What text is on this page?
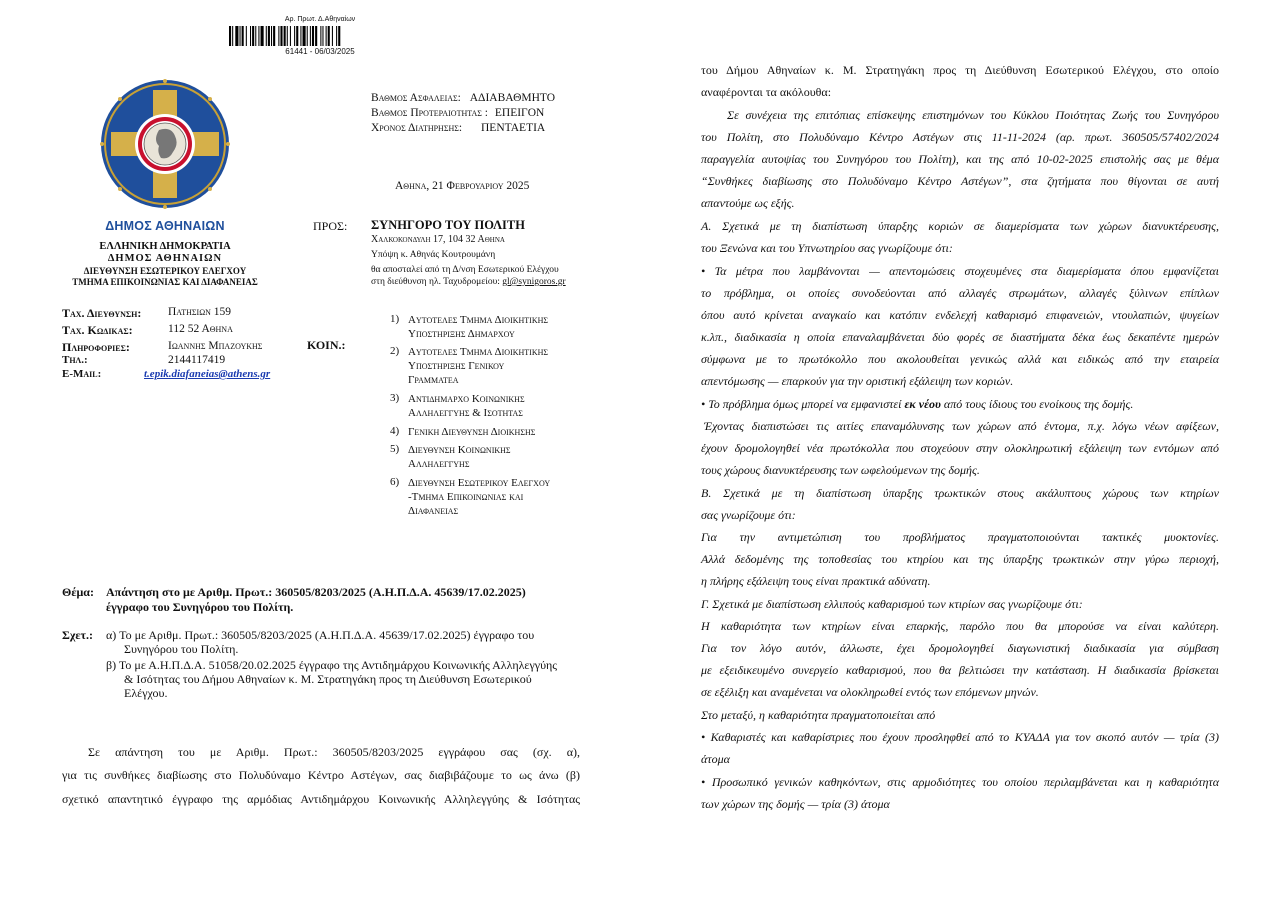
Αρ. Πρωτ. Δ.Αθηναίων
61441 - 06/03/2025
ΔΗΜΟΣ ΑΘΗΝΑΙΩΝ
ΕΛΛΗΝΙΚΗ ΔΗΜΟΚΡΑΤΙΑ
ΔΗΜΟΣ ΑΘΗΝΑΙΩΝ
ΔΙΕΥΘΥΝΣΗ ΕΣΩΤΕΡΙΚΟΥ ΕΛΕΓΧΟΥ
ΤΜΗΜΑ ΕΠΙΚΟΙΝΩΝΙΑΣ ΚΑΙ ΔΙΑΦΑΝΕΙΑΣ
Βαθμος Ασφαλειας: ΑΔΙΑΒΑΘΜΗΤΟ
Βαθμος Προτεραιοτητας : ΕΠΕΙΓΟΝ
Χρονος Διατηρησης: ΠΕΝΤΑΕΤΙΑ
Αθηνα, 21 Φεβρουαριου 2025
ΠΡΟΣ: ΣΥΝΗΓΟΡΟ ΤΟΥ ΠΟΛΙΤΗ
Χαλκοκονδυλη 17, 104 32 Αθηνα
Υπόψη κ. Αθηνάς Κουτρουμάνη
θα αποσταλεί από τη Δ/νση Εσωτερικού Ελέγχου
στη διεύθυνση ηλ. Ταχυδρομείου: gl@synigoros.gr
Ταχ. Διευθυνση: Πατησιων 159
Ταχ. Κωδικας:	112 52 Αθηνα
Πληροφοριες:	Ιωαννης Μπαζουκης
Τηλ.:	2144117419
Ε-Mail:	t.epik.diafaneias@athens.gr
ΚΟΙΝ.:
1) Αυτοτελες Τμημα Διοικητικης
Υποστηριξης Δημαρχου
2) Αυτοτελες Τμημα Διοικητικης
Υποστηριξης Γενικου
Γραμματεα
3) Αντιδημαρχο Κοινωνικης
Αλληλεγγυης & Ισοτητας
4) Γενικη Διευθυνση Διοικησης
5) Διευθυνση Κοινωνικης
Αλληλεγγυης
6) Διευθυνση Εσωτερικου Ελεγχου
-Τμημα Επικοινωνιας και
Διαφανειας
Θέμα: Απάντηση στο με Αριθμ. Πρωτ.: 360505/8203/2025 (Α.Η.Π.Δ.Α. 45639/17.02.2025)
έγγραφο του Συνηγόρου του Πολίτη.
Σχετ.: α) Το με Αριθμ. Πρωτ.: 360505/8203/2025 (Α.Η.Π.Δ.Α. 45639/17.02.2025) έγγραφο του
Συνηγόρου του Πολίτη.
β) Το με Α.Η.Π.Δ.Α. 51058/20.02.2025 έγγραφο της Αντιδημάρχου Κοινωνικής Αλληλεγγύης
& Ισότητας του Δήμου Αθηναίων κ. Μ. Στρατηγάκη προς τη Διεύθυνση Εσωτερικού
Ελέγχου.
Σε απάντηση του με Αριθμ. Πρωτ.: 360505/8203/2025 εγγράφου σας (σχ. α),
για τις συνθήκες διαβίωσης στο Πολυδύναμο Κέντρο Αστέγων, σας διαβιβάζουμε το ως άνω (β)
σχετικό απαντητικό έγγραφο της αρμόδιας Αντιδημάρχου Κοινωνικής Αλληλεγγύης & Ισότητας
του Δήμου Αθηναίων κ. Μ. Στρατηγάκη προς τη Διεύθυνση Εσωτερικού Ελέγχου, στο οποίο
αναφέρονται τα ακόλουθα:
Σε συνέχεια της επιτόπιας επίσκεψης επιστημόνων του Κύκλου Ποιότητας Ζωής του Συνηγόρου
του Πολίτη, στο Πολυδύναμο Κέντρο Αστέγων στις 11-11-2024 (αρ. πρωτ. 360505/57402/2024
παραγγελία αυτοψίας του Συνηγόρου του Πολίτη), και της από 10-02-2025 επιστολής σας με θέμα
“Συνθήκες διαβίωσης στο Πολυδύναμο Κέντρο Αστέγων”, στα ζητήματα που θίγονται σε αυτή
απαντούμε ως εξής.
Α. Σχετικά με τη διαπίστωση ύπαρξης κοριών σε διαμερίσματα των χώρων διανυκτέρευσης,
του Ξενώνα και του Υπνωτηρίου σας γνωρίζουμε ότι:
• Τα μέτρα που λαμβάνονται — απεντομώσεις στοχευμένες στα διαμερίσματα όπου εμφανίζεται
το πρόβλημα, οι οποίες συνοδεύονται από αλλαγές στρωμάτων, αλλαγές ξύλινων επίπλων
όπου αυτό κρίνεται αναγκαίο και κατόπιν ενδελεχή καθαρισμό επιφανειών, ντουλαπιών, ψυγείων
κ.λπ., διαδικασία η οποία επαναλαμβάνεται δύο φορές σε διαστήματα δέκα έως δεκαπέντε ημερών
σύμφωνα με το πρωτόκολλο που ακολουθείται γενικώς αλλά και ειδικώς από την εταιρεία
απεντόμωσης — επαρκούν για την οριστική εξάλειψη των κοριών.
• Το πρόβλημα όμως μπορεί να εμφανιστεί εκ νέου από τους ίδιους του ενοίκους της δομής.
Έχοντας διαπιστώσει τις αιτίες επαναμόλυνσης των χώρων από έντομα, π.χ. λόγω νέων αφίξεων,
έχουν δρομολογηθεί νέα πρωτόκολλα που στοχεύουν στην ολοκληρωτική εξάλειψη των εντόμων από
τους χώρους διανυκτέρευσης των ωφελούμενων της δομής.
Β. Σχετικά με τη διαπίστωση ύπαρξης τρωκτικών στους ακάλυπτους χώρους των κτηρίων
σας γνωρίζουμε ότι:
Για την αντιμετώπιση του προβλήματος πραγματοποιούνται τακτικές μυοκτονίες.
Αλλά δεδομένης της τοποθεσίας του κτηρίου και της ύπαρξης τρωκτικών στην γύρω περιοχή,
η πλήρης εξάλειψη τους είναι πρακτικά αδύνατη.
Γ. Σχετικά με διαπίστωση ελλιπούς καθαρισμού των κτιρίων σας γνωρίζουμε ότι:
Η καθαριότητα των κτηρίων είναι επαρκής, παρόλο που θα μπορούσε να είναι καλύτερη.
Για τον λόγο αυτόν, άλλωστε, έχει δρομολογηθεί διαγωνιστική διαδικασία για σύμβαση
με εξειδικευμένο συνεργείο καθαρισμού, που θα βελτιώσει την κατάσταση. Η διαδικασία βρίσκεται
σε εξέλιξη και αναμένεται να ολοκληρωθεί εντός των επόμενων μηνών.
Στο μεταξύ, η καθαριότητα πραγματοποιείται από
• Καθαριστές και καθαρίστριες που έχουν προσληφθεί από το ΚΥΑΔΑ για τον σκοπό αυτόν — τρία (3)
άτομα
• Προσωπικό γενικών καθηκόντων, στις αρμοδιότητες του οποίου περιλαμβάνεται και η καθαριότητα
των χώρων της δομής — τρία (3) άτομα
